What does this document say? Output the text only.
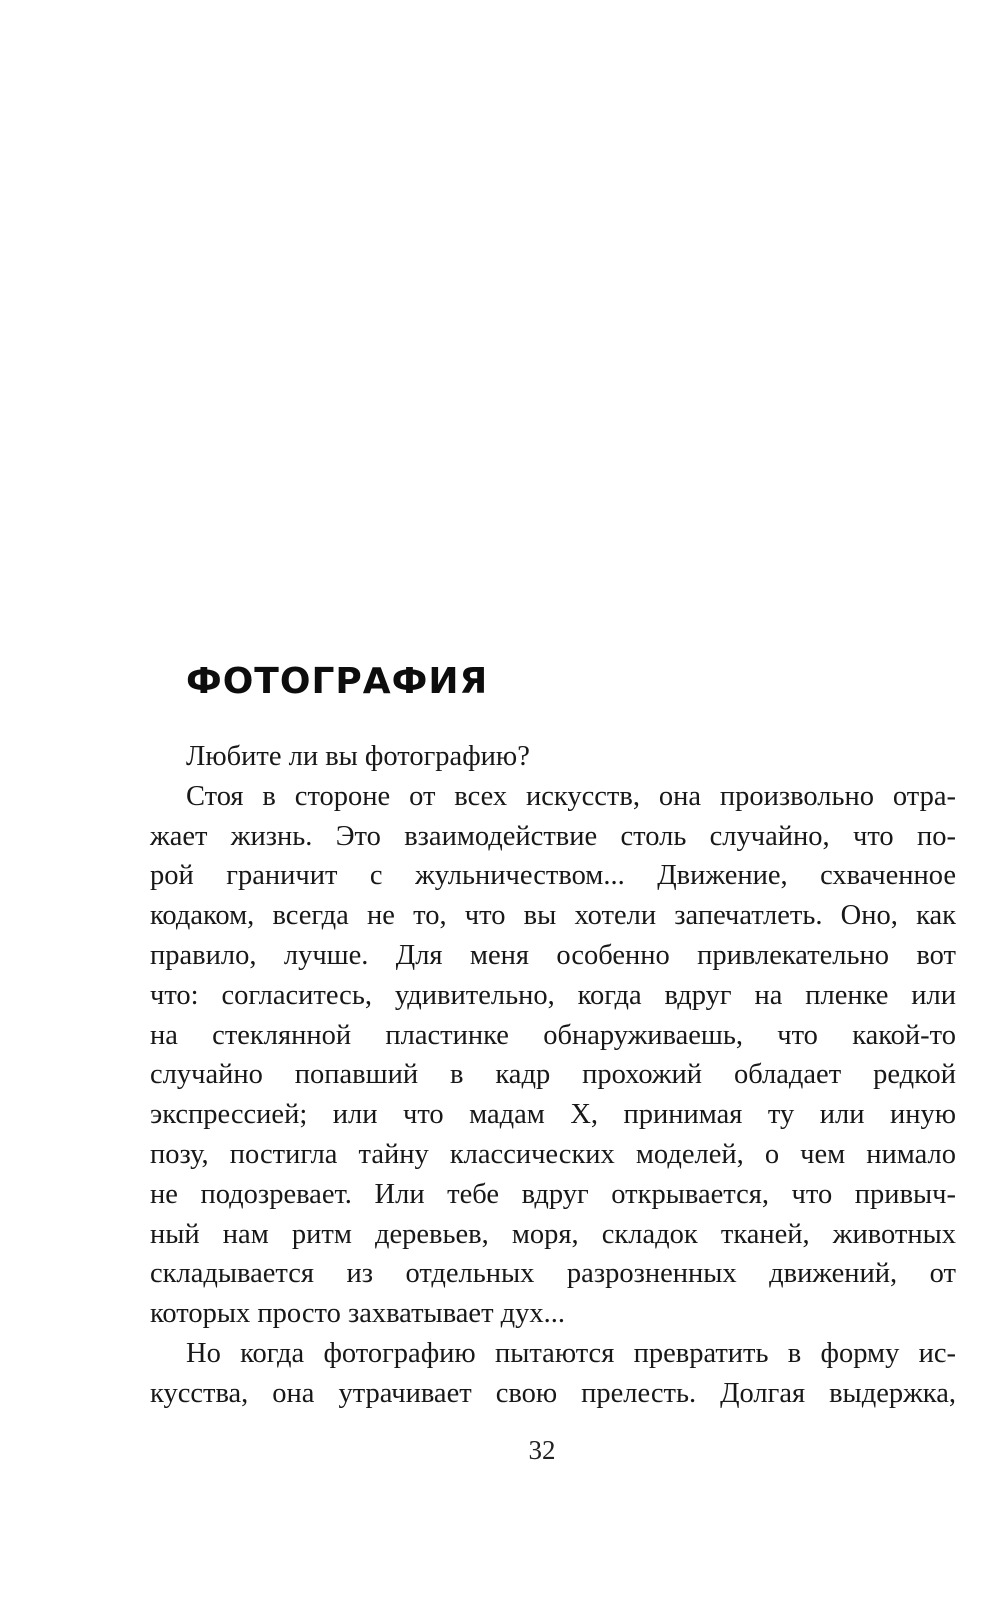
ФОТОГРАФИЯ
Любите ли вы фотографию?
Стоя в стороне от всех искусств, она произвольно отра-
жает жизнь. Это взаимодействие столь случайно, что по-
рой граничит с жульничеством... Движение, схваченное
кодаком, всегда не то, что вы хотели запечатлеть. Оно, как
правило, лучше. Для меня особенно привлекательно вот
что: согласитесь, удивительно, когда вдруг на пленке или
на стеклянной пластинке обнаруживаешь, что какой-то
случайно попавший в кадр прохожий обладает редкой
экспрессией; или что мадам X, принимая ту или иную
позу, постигла тайну классических моделей, о чем нимало
не подозревает. Или тебе вдруг открывается, что привыч-
ный нам ритм деревьев, моря, складок тканей, животных
складывается из отдельных разрозненных движений, от
которых просто захватывает дух...
Но когда фотографию пытаются превратить в форму ис-
кусства, она утрачивает свою прелесть. Долгая выдержка,
32
